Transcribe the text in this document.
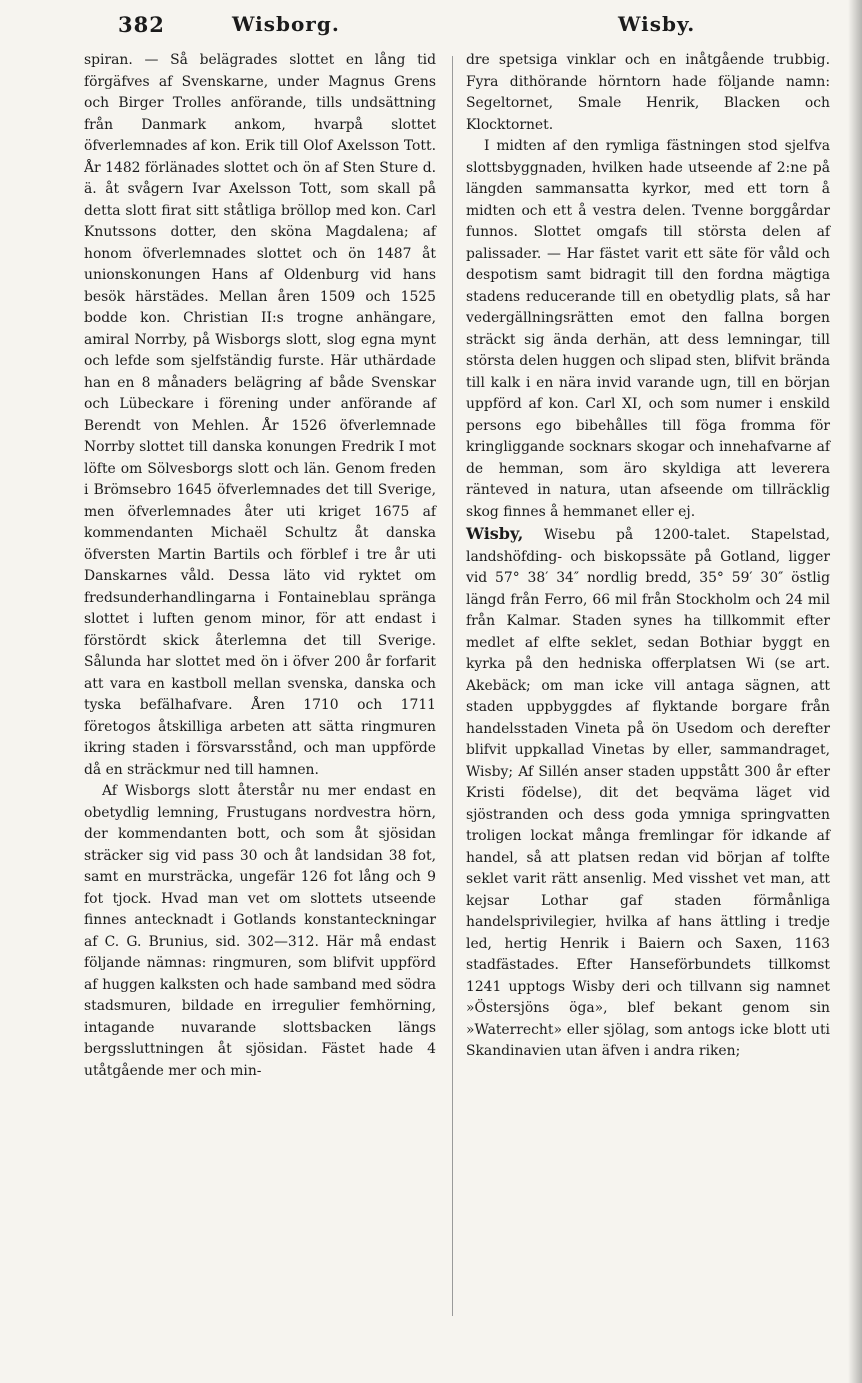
382	Wisborg.	Wisby.

spiran. — Så belägrades slottet en lång tid förgäfves af Svenskarne, under Magnus Grens och Birger Trolles anförande, tills undsättning från Danmark ankom, hvarpå slottet öfverlemnades af kon. Erik till Olof Axelsson Tott. År 1482 förlänades slottet och ön af Sten Sture d. ä. åt svågern Ivar Axelsson Tott, som skall på detta slott firat sitt ståtliga bröllop med kon. Carl Knutssons dotter, den sköna Magdalena; af honom öfverlemnades slottet och ön 1487 åt unionskonungen Hans af Oldenburg vid hans besök härstädes. Mellan åren 1509 och 1525 bodde kon. Christian II:s trogne anhängare, amiral Norrby, på Wisborgs slott, slog egna mynt och lefde som sjelfständig furste. Här uthärdade han en 8 månaders belägring af både Svenskar och Lübeckare i förening under anförande af Berendt von Mehlen. År 1526 öfverlemnade Norrby slottet till danska konungen Fredrik I mot löfte om Sölvesborgs slott och län. Genom freden i Brömsebro 1645 öfverlemnades det till Sverige, men öfverlemnades åter uti kriget 1675 af kommendanten Michaël Schultz åt danska öfversten Martin Bartils och förblef i tre år uti Danskarnes våld. Dessa läto vid ryktet om fredsunderhandlingarna i Fontaineblau spränga slottet i luften genom minor, för att endast i förstördt skick återlemna det till Sverige. Sålunda har slottet med ön i öfver 200 år forfarit att vara en kastboll mellan svenska, danska och tyska befälhafvare. Åren 1710 och 1711 företogos åtskilliga arbeten att sätta ringmuren ikring staden i försvarsstånd, och man uppförde då en sträckmur ned till hamnen.

Af Wisborgs slott återstår nu mer endast en obetydlig lemning, Frustugans nordvestra hörn, der kommendanten bott, och som åt sjösidan sträcker sig vid pass 30 och åt landsidan 38 fot, samt en mursträcka, ungefär 126 fot lång och 9 fot tjock. Hvad man vet om slottets utseende finnes antecknadt i Gotlands konstanteckningar af C. G. Brunius, sid. 302—312. Här må endast följande nämnas: ringmuren, som blifvit uppförd af huggen kalksten och hade samband med södra stadsmuren, bildade en irregulier femhörning, intagande nuvarande slottsbacken längs bergssluttningen åt sjösidan. Fästet hade 4 utåtgående mer och min-

dre spetsiga vinklar och en inåtgående trubbig. Fyra dithörande hörntorn hade följande namn: Segeltornet, Smale Henrik, Blacken och Klocktornet.

I midten af den rymliga fästningen stod sjelfva slottsbyggnaden, hvilken hade utseende af 2:ne på längden sammansatta kyrkor, med ett torn å midten och ett å vestra delen. Tvenne borggårdar funnos. Slottet omgafs till största delen af palissader. — Har fästet varit ett säte för våld och despotism samt bidragit till den fordna mägtiga stadens reducerande till en obetydlig plats, så har vedergällningsrätten emot den fallna borgen sträckt sig ända derhän, att dess lemningar, till största delen huggen och slipad sten, blifvit brända till kalk i en nära invid varande ugn, till en början uppförd af kon. Carl XI, och som numer i enskild persons ego bibehålles till föga fromma för kringliggande socknars skogar och innehafvarne af de hemman, som äro skyldiga att leverera ränteved in natura, utan afseende om tillräcklig skog finnes å hemmanet eller ej.

Wisby, Wisebu på 1200-talet. Stapelstad, landshöfding- och biskopssäte på Gotland, ligger vid 57° 38′ 34″ nordlig bredd, 35° 59′ 30″ östlig längd från Ferro, 66 mil från Stockholm och 24 mil från Kalmar. Staden synes ha tillkommit efter medlet af elfte seklet, sedan Bothiar byggt en kyrka på den hedniska offerplatsen Wi (se art. Akebäck; om man icke vill antaga sägnen, att staden uppbyggdes af flyktande borgare från handelsstaden Vineta på ön Usedom och derefter blifvit uppkallad Vinetas by eller, sammandraget, Wisby; Af Sillén anser staden uppstått 300 år efter Kristi födelse), dit det beqväma läget vid sjöstranden och dess goda ymniga springvatten troligen lockat många fremlingar för idkande af handel, så att platsen redan vid början af tolfte seklet varit rätt ansenlig. Med visshet vet man, att kejsar Lothar gaf staden förmånliga handelsprivilegier, hvilka af hans ättling i tredje led, hertig Henrik i Baiern och Saxen, 1163 stadfästades. Efter Hanseförbundets tillkomst 1241 upptogs Wisby deri och tillvann sig namnet »Östersjöns öga», blef bekant genom sin »Waterrecht» eller sjölag, som antogs icke blott uti Skandinavien utan äfven i andra riken;
